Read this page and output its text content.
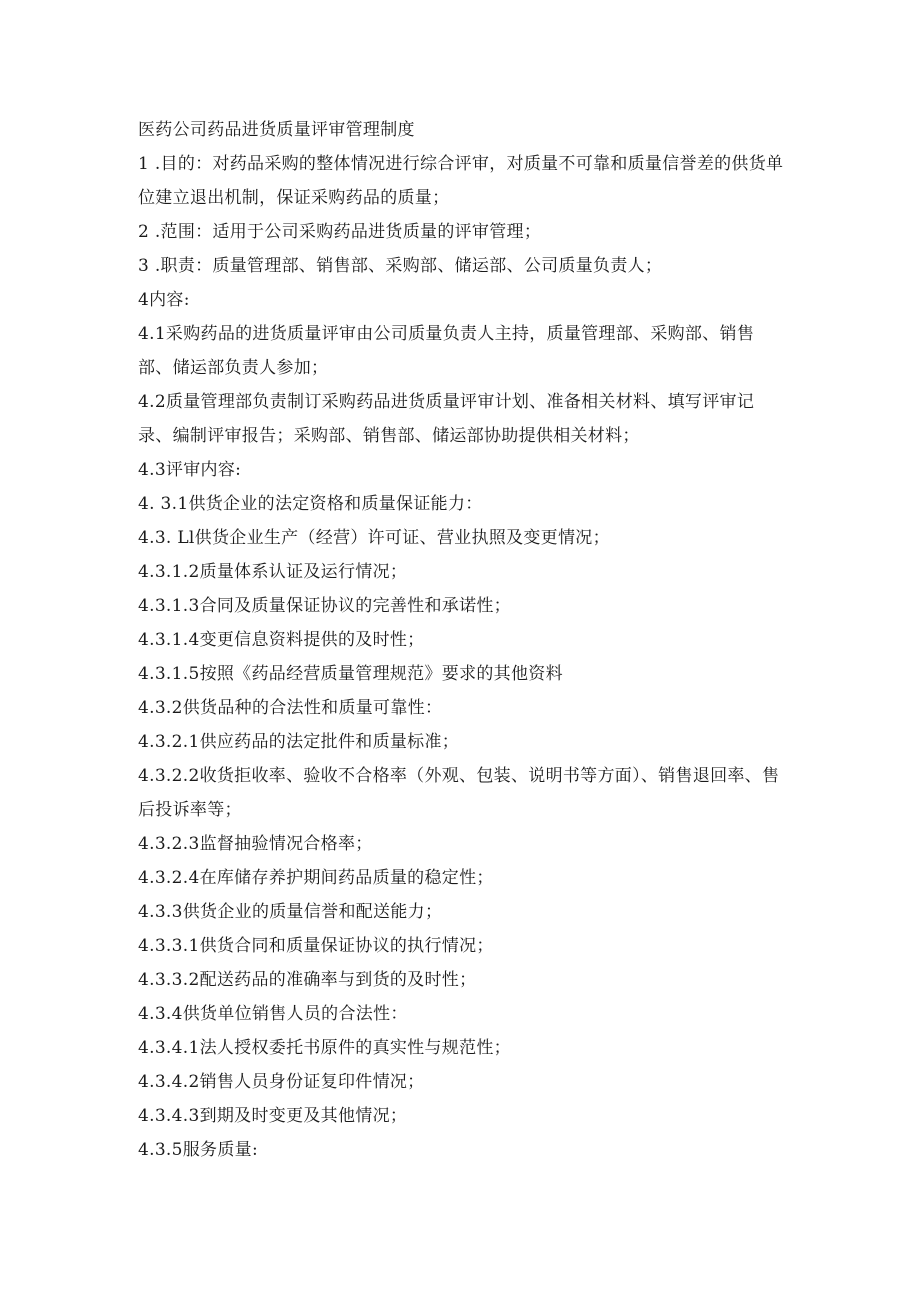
医药公司药品进货质量评审管理制度

1 .目的：对药品采购的整体情况进行综合评审，对质量不可靠和质量信誉差的供货单位建立退出机制，保证采购药品的质量；

2 .范围：适用于公司采购药品进货质量的评审管理；

3 .职责：质量管理部、销售部、采购部、储运部、公司质量负责人；

4内容:

4.1采购药品的进货质量评审由公司质量负责人主持，质量管理部、采购部、销售部、储运部负责人参加；

4.2质量管理部负责制订采购药品进货质量评审计划、准备相关材料、填写评审记录、编制评审报告；采购部、销售部、储运部协助提供相关材料；

4.3评审内容:

4. 3.1供货企业的法定资格和质量保证能力：

4.3. Ll供货企业生产（经营）许可证、营业执照及变更情况；

4.3.1.2质量体系认证及运行情况；

4.3.1.3合同及质量保证协议的完善性和承诺性；

4.3.1.4变更信息资料提供的及时性；

4.3.1.5按照《药品经营质量管理规范》要求的其他资料

4.3.2供货品种的合法性和质量可靠性：

4.3.2.1供应药品的法定批件和质量标准；

4.3.2.2收货拒收率、验收不合格率（外观、包装、说明书等方面）、销售退回率、售后投诉率等；

4.3.2.3监督抽验情况合格率；

4.3.2.4在库储存养护期间药品质量的稳定性；

4.3.3供货企业的质量信誉和配送能力；

4.3.3.1供货合同和质量保证协议的执行情况；

4.3.3.2配送药品的准确率与到货的及时性；

4.3.4供货单位销售人员的合法性：

4.3.4.1法人授权委托书原件的真实性与规范性；

4.3.4.2销售人员身份证复印件情况；

4.3.4.3到期及时变更及其他情况；

4.3.5服务质量:
